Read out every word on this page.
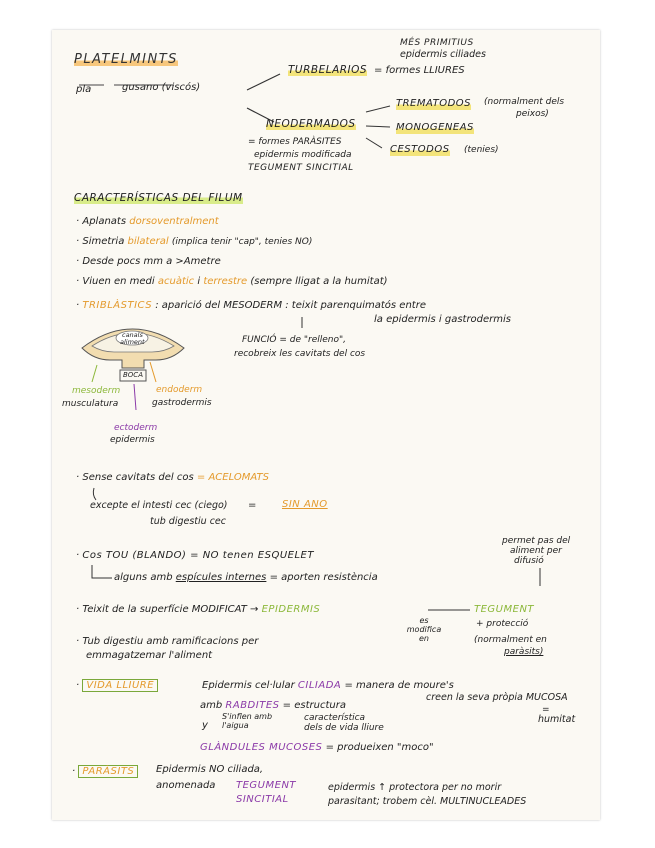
PLATELMINTS
pla	gusano (viscós)
MÉS PRIMITIUS
epidermis ciliades
TURBELARIOS = formes LLIURES
NEODERMADOS
= formes PARÀSITES
epidermis modificada
TEGUMENT SINCITIAL
TREMATODOS (normalment dels
peixos)
MONOGENEAS
CESTODOS (tenies)
CARACTERÍSTICAS DEL FILUM
· Aplanats dorsoventralment
· Simetria bilateral (implica tenir "cap", tenies NO)
· Desde pocs mm a >Ametre
· Viuen en medi acuàtic i terrestre (sempre lligat a la humitat)
· TRIBLÀSTICS : aparició del MESODERM : teixit parenquimatós entre
la epidermis i gastrodermis
FUNCIÓ = de "relleno",
recobreix les cavitats del cos
canals
aliment
BOCA
mesoderm
musculatura
endoderm
gastrodermis
ectoderm
epidermis
· Sense cavitats del cos = ACELOMATS
excepte el intesti cec (ciego) =	SIN ANO
tub digestiu cec
· Cos TOU (BLANDO) = NO tenen ESQUELET
alguns amb espícules internes = aporten resistència
permet pas del
aliment per
difusió
· Teixit de la superfície MODIFICAT → EPIDERMIS
es modifica en
TEGUMENT
+ protecció
(normalment en
paràsits)
· Tub digestiu amb ramificacions per
emmagatzemar l'aliment
· VIDA LLIURE	Epidermis cel·lular CILIADA = manera de moure's
creen la seva pròpia MUCOSA
=
humitat
amb RABDITES = estructura
característica
dels de vida lliure
S'inflen amb l'aigua
y
GLÀNDULES MUCOSES = produeixen "moco"
· PARÀSITS	Epidermis NO ciliada,
anomenada TEGUMENT
SINCITIAL
epidermis ↑ protectora per no morir
parasitant; trobem cèl. MULTINUCLEADES
